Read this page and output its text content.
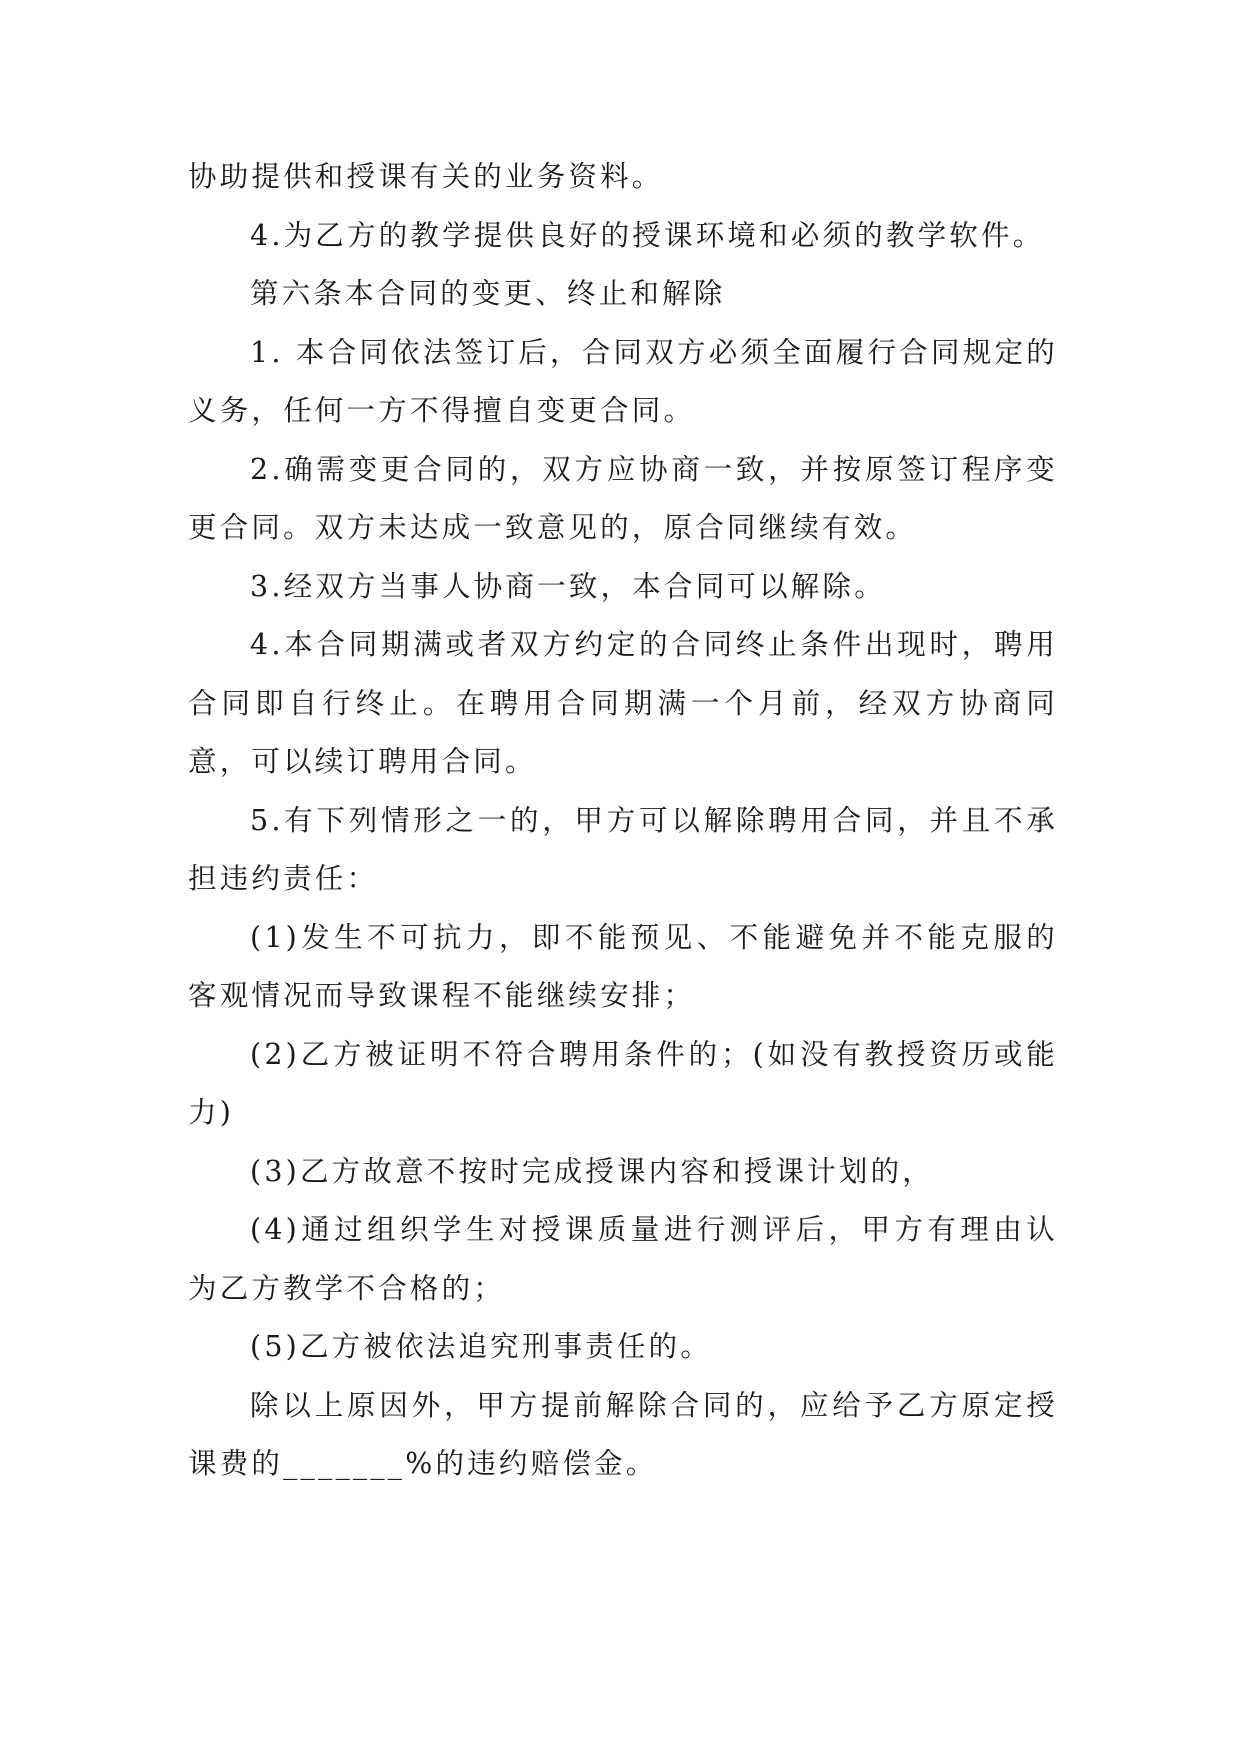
协助提供和授课有关的业务资料。

4.为乙方的教学提供良好的授课环境和必须的教学软件。

第六条本合同的变更、终止和解除

1. 本合同依法签订后，合同双方必须全面履行合同规定的义务，任何一方不得擅自变更合同。

2.确需变更合同的，双方应协商一致，并按原签订程序变更合同。双方未达成一致意见的，原合同继续有效。

3.经双方当事人协商一致，本合同可以解除。

4.本合同期满或者双方约定的合同终止条件出现时，聘用合同即自行终止。在聘用合同期满一个月前，经双方协商同意，可以续订聘用合同。

5.有下列情形之一的，甲方可以解除聘用合同，并且不承担违约责任：

(1)发生不可抗力，即不能预见、不能避免并不能克服的客观情况而导致课程不能继续安排；

(2)乙方被证明不符合聘用条件的；(如没有教授资历或能力)

(3)乙方故意不按时完成授课内容和授课计划的，

(4)通过组织学生对授课质量进行测评后，甲方有理由认为乙方教学不合格的；

(5)乙方被依法追究刑事责任的。

除以上原因外，甲方提前解除合同的，应给予乙方原定授课费的_______%的违约赔偿金。
